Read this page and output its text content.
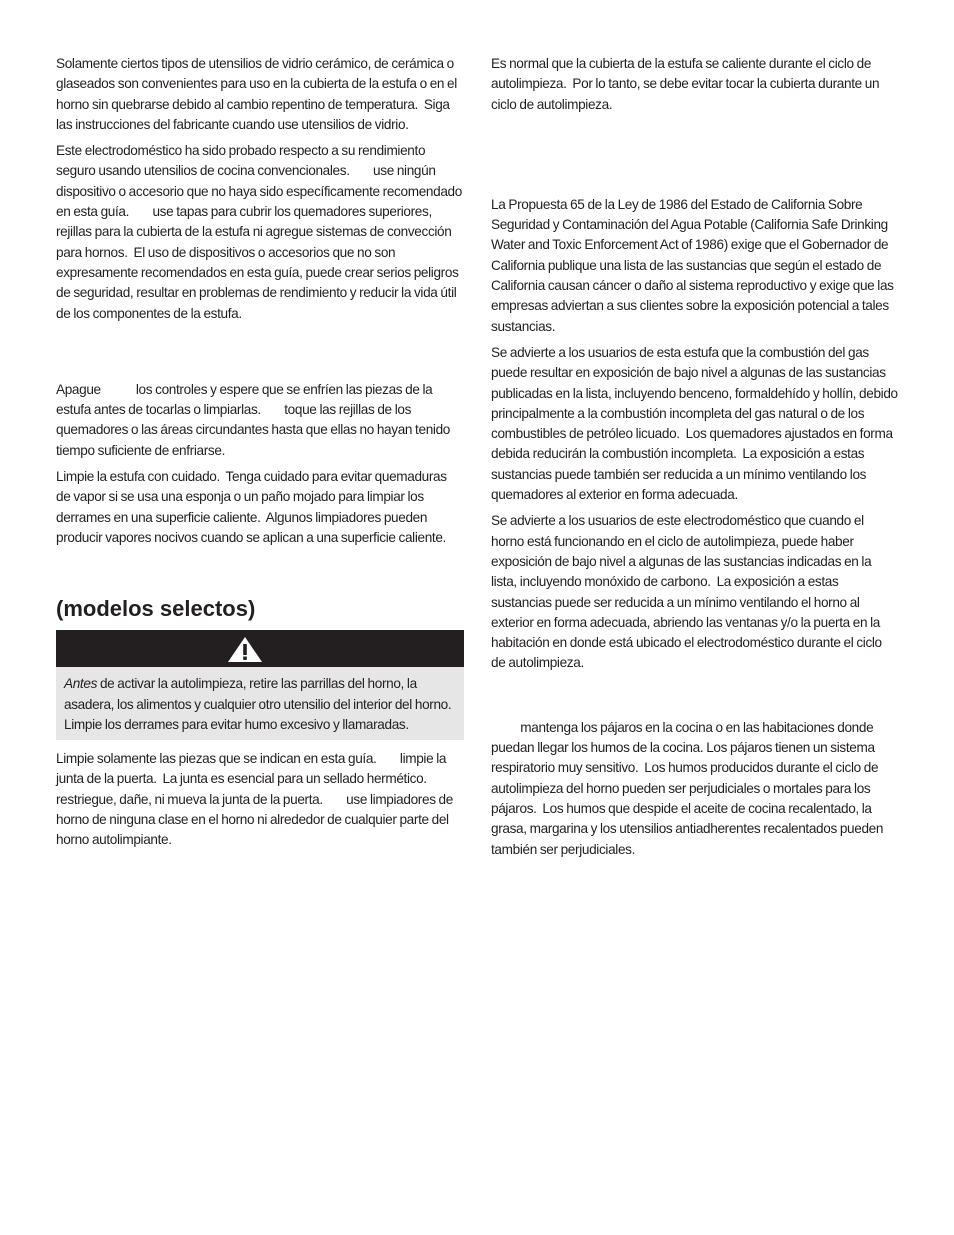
Solamente ciertos tipos de utensilios de vidrio cerámico, de cerámica o glaseados son convenientes para uso en la cubierta de la estufa o en el horno sin quebrarse debido al cambio repentino de temperatura.  Siga las instrucciones del fabricante cuando use utensilios de vidrio.

Este electrodoméstico ha sido probado respecto a su rendimiento seguro usando utensilios de cocina convencionales.        use ningún dispositivo o accesorio que no haya sido específicamente recomendado en esta guía.        use tapas para cubrir los quemadores superiores, rejillas para la cubierta de la estufa ni agregue sistemas de convección para hornos.  El uso de dispositivos o accesorios que no son expresamente recomendados en esta guía, puede crear serios peligros de seguridad, resultar en problemas de rendimiento y reducir la vida útil de los componentes de la estufa.

Apague            los controles y espere que se enfríen las piezas de la estufa antes de tocarlas o limpiarlas.        toque las rejillas de los quemadores o las áreas circundantes hasta que ellas no hayan tenido tiempo suficiente de enfriarse.

Limpie la estufa con cuidado.  Tenga cuidado para evitar quemaduras de vapor si se usa una esponja o un paño mojado para limpiar los derrames en una superficie caliente.  Algunos limpiadores pueden producir vapores nocivos cuando se aplican a una superficie caliente.

(modelos selectos)

Antes de activar la autolimpieza, retire las parrillas del horno, la asadera, los alimentos y cualquier otro utensilio del interior del horno. Limpie los derrames para evitar humo excesivo y llamaradas.

Limpie solamente las piezas que se indican en esta guía.        limpie la junta de la puerta.  La junta es esencial para un sellado hermético.       restriegue, dañe, ni mueva la junta de la puerta.        use limpiadores de horno de ninguna clase en el horno ni alrededor de cualquier parte del horno autolimpiante.

Es normal que la cubierta de la estufa se caliente durante el ciclo de autolimpieza.  Por lo tanto, se debe evitar tocar la cubierta durante un ciclo de autolimpieza.

La Propuesta 65 de la Ley de 1986 del Estado de California Sobre Seguridad y Contaminación del Agua Potable (California Safe Drinking Water and Toxic Enforcement Act of 1986) exige que el Gobernador de California publique una lista de las sustancias que según el estado de California causan cáncer o daño al sistema reproductivo y exige que las empresas adviertan a sus clientes sobre la exposición potencial a tales sustancias.

Se advierte a los usuarios de esta estufa que la combustión del gas puede resultar en exposición de bajo nivel a algunas de las sustancias publicadas en la lista, incluyendo benceno, formaldehído y hollín, debido principalmente a la combustión incompleta del gas natural o de los combustibles de petróleo licuado.  Los quemadores ajustados en forma debida reducirán la combustión incompleta.  La exposición a estas sustancias puede también ser reducida a un mínimo ventilando los quemadores al exterior en forma adecuada.

Se advierte a los usuarios de este electrodoméstico que cuando el horno está funcionando en el ciclo de autolimpieza, puede haber exposición de bajo nivel a algunas de las sustancias indicadas en la lista, incluyendo monóxido de carbono.  La exposición a estas sustancias puede ser reducida a un mínimo ventilando el horno al exterior en forma adecuada, abriendo las ventanas y/o la puerta en la habitación en donde está ubicado el electrodoméstico durante el ciclo de autolimpieza.

mantenga los pájaros en la cocina o en las habitaciones donde puedan llegar los humos de la cocina. Los pájaros tienen un sistema respiratorio muy sensitivo.  Los humos producidos durante el ciclo de autolimpieza del horno pueden ser perjudiciales o mortales para los pájaros.  Los humos que despide el aceite de cocina recalentado, la grasa, margarina y los utensilios antiadherentes recalentados pueden también ser perjudiciales.
